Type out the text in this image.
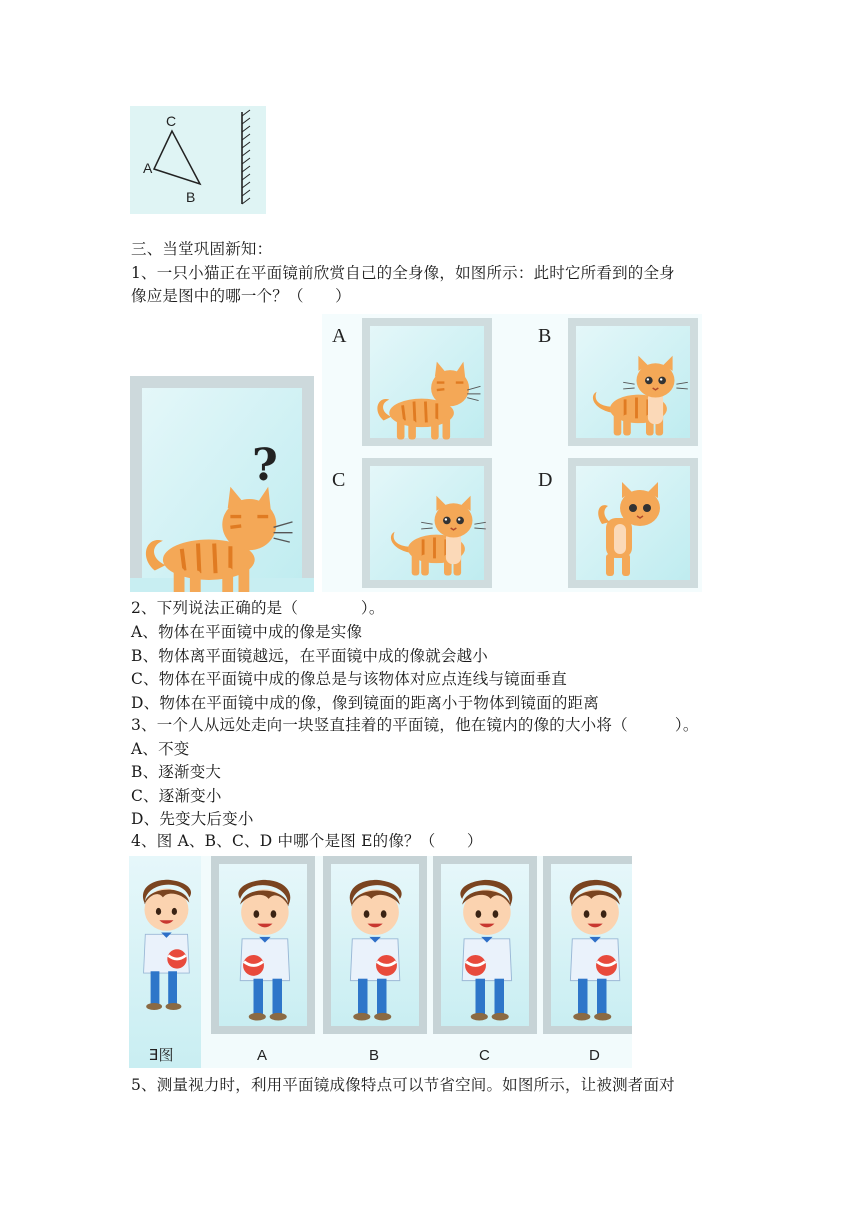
C
A
B
三、当堂巩固新知：
1、一只小猫正在平面镜前欣赏自己的全身像，如图所示：此时它所看到的全身
像应是图中的哪一个？（　　）
?
A	B
C	D
2、下列说法正确的是（　　　　）。
A、物体在平面镜中成的像是实像
B、物体离平面镜越远，在平面镜中成的像就会越小
C、物体在平面镜中成的像总是与该物体对应点连线与镜面垂直
D、物体在平面镜中成的像，像到镜面的距离小于物体到镜面的距离
3、一个人从远处走向一块竖直挂着的平面镜，他在镜内的像的大小将（　　　）。
A、不变
B、逐渐变大
C、逐渐变小
D、先变大后变小
4、图 A、B、C、D 中哪个是图 E的像？（　　）
Ǝ图	A	B	C	D
5、测量视力时，利用平面镜成像特点可以节省空间。如图所示，让被测者面对
